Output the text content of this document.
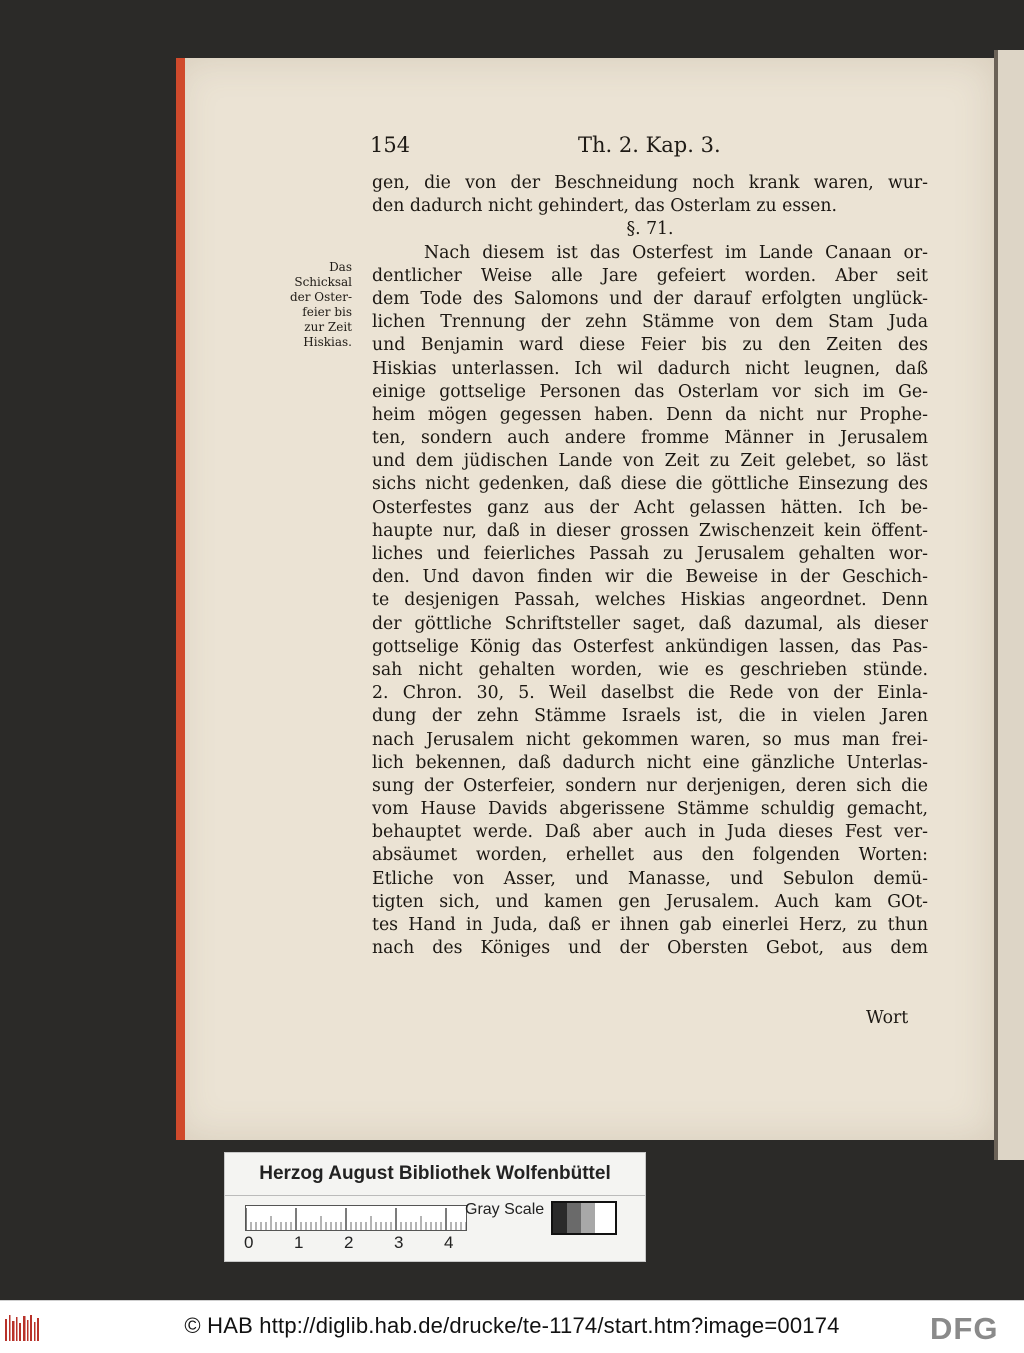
154	Th. 2. Kap. 3.
Das
Schicksal
der Oster-
feier bis
zur Zeit
Hiskias.
gen, die von der Beschneidung noch krank waren, wur-
den dadurch nicht gehindert, das Osterlam zu essen.
§. 71.
Nach diesem ist das Osterfest im Lande Canaan or-
dentlicher Weise alle Jare gefeiert worden. Aber seit
dem Tode des Salomons und der darauf erfolgten unglück-
lichen Trennung der zehn Stämme von dem Stam Juda
und Benjamin ward diese Feier bis zu den Zeiten des
Hiskias unterlassen. Ich wil dadurch nicht leugnen, daß
einige gottselige Personen das Osterlam vor sich im Ge-
heim mögen gegessen haben. Denn da nicht nur Prophe-
ten, sondern auch andere fromme Männer in Jerusalem
und dem jüdischen Lande von Zeit zu Zeit gelebet, so läst
sichs nicht gedenken, daß diese die göttliche Einsezung des
Osterfestes ganz aus der Acht gelassen hätten. Ich be-
haupte nur, daß in dieser grossen Zwischenzeit kein öffent-
liches und feierliches Passah zu Jerusalem gehalten wor-
den. Und davon finden wir die Beweise in der Geschich-
te desjenigen Passah, welches Hiskias angeordnet. Denn
der göttliche Schriftsteller saget, daß dazumal, als dieser
gottselige König das Osterfest ankündigen lassen, das Pas-
sah nicht gehalten worden, wie es geschrieben stünde.
2. Chron. 30, 5. Weil daselbst die Rede von der Einla-
dung der zehn Stämme Israels ist, die in vielen Jaren
nach Jerusalem nicht gekommen waren, so mus man frei-
lich bekennen, daß dadurch nicht eine gänzliche Unterlas-
sung der Osterfeier, sondern nur derjenigen, deren sich die
vom Hause Davids abgerissene Stämme schuldig gemacht,
behauptet werde. Daß aber auch in Juda dieses Fest ver-
absäumet worden, erhellet aus den folgenden Worten:
Etliche von Asser, und Manasse, und Sebulon demü-
tigten sich, und kamen gen Jerusalem. Auch kam GOt-
tes Hand in Juda, daß er ihnen gab einerlei Herz, zu thun
nach des Königes und der Obersten Gebot, aus dem
Wort
Herzog August Bibliothek Wolfenbüttel
0 1 2 3 4
Gray Scale
© HAB http://diglib.hab.de/drucke/te-1174/start.htm?image=00174	DFG
